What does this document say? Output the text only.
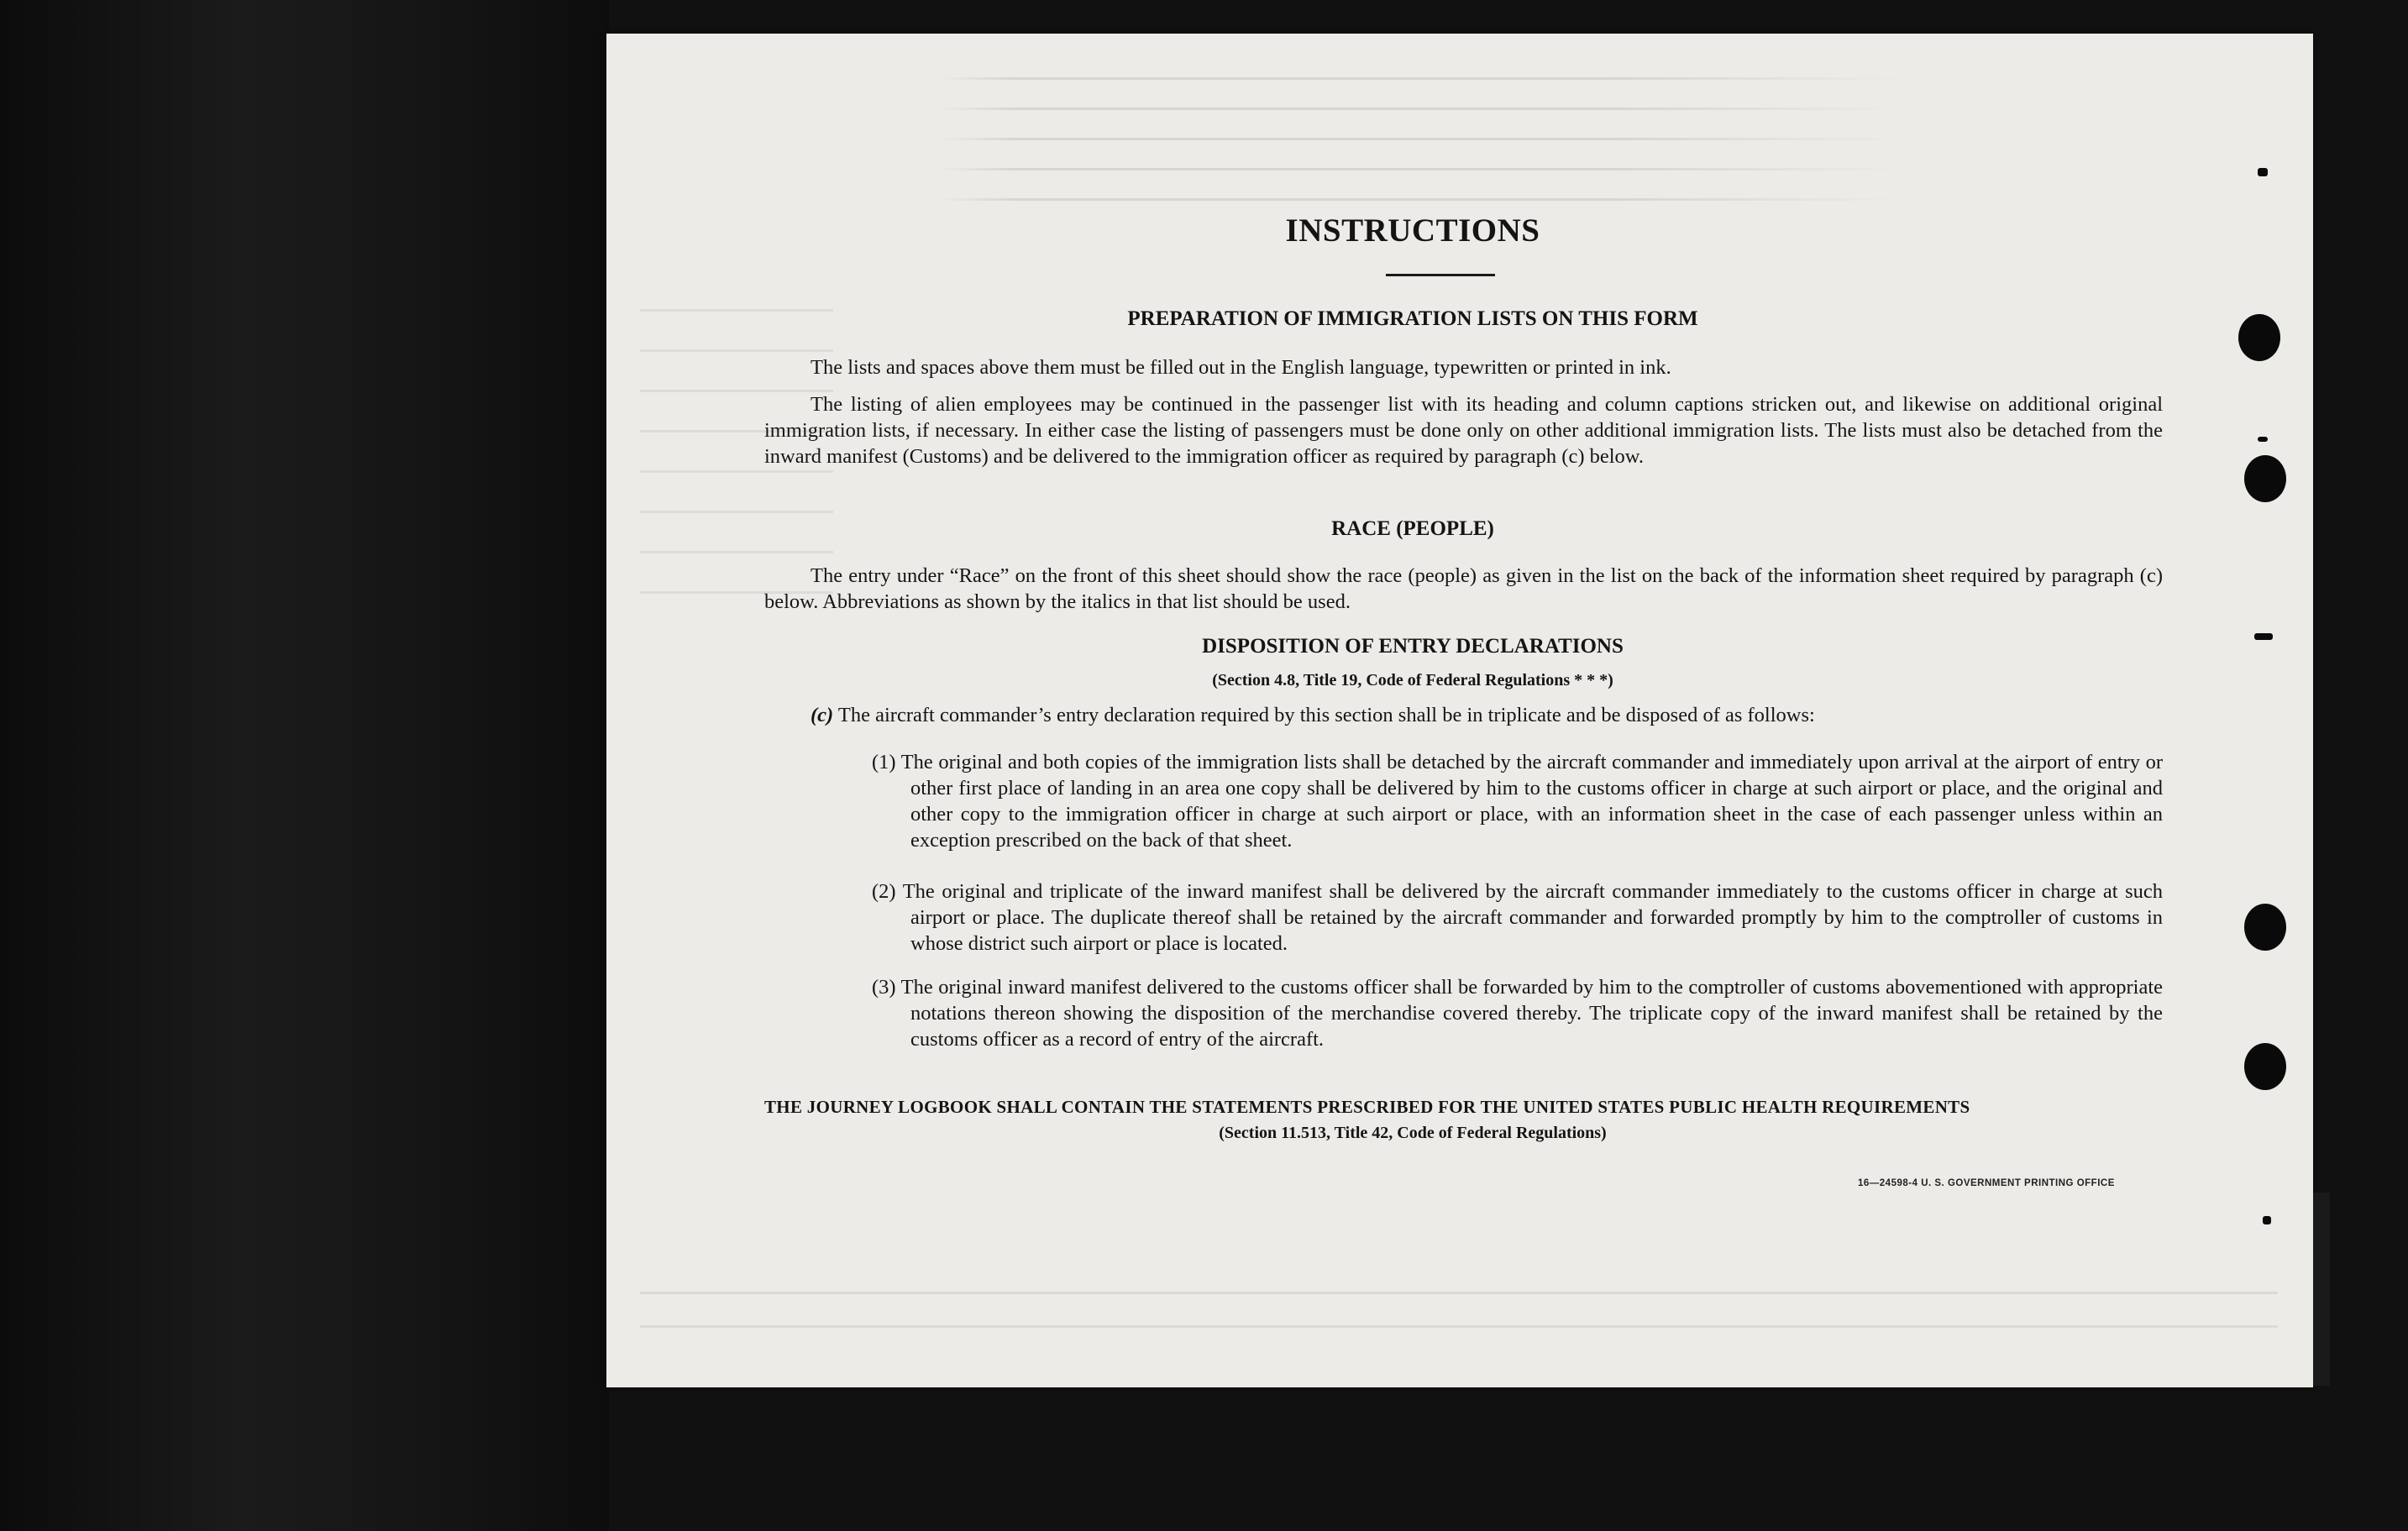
INSTRUCTIONS
PREPARATION OF IMMIGRATION LISTS ON THIS FORM
The lists and spaces above them must be filled out in the English language, typewritten or printed in ink.
The listing of alien employees may be continued in the passenger list with its heading and column captions stricken out, and likewise on additional original immigration lists, if necessary. In either case the listing of passengers must be done only on other additional immigration lists. The lists must also be detached from the inward manifest (Customs) and be delivered to the immigration officer as required by paragraph (c) below.
RACE (PEOPLE)
The entry under “Race” on the front of this sheet should show the race (people) as given in the list on the back of the information sheet required by paragraph (c) below. Abbreviations as shown by the italics in that list should be used.
DISPOSITION OF ENTRY DECLARATIONS
(Section 4.8, Title 19, Code of Federal Regulations * * *)
(c) The aircraft commander’s entry declaration required by this section shall be in triplicate and be disposed of as follows:
(1) The original and both copies of the immigration lists shall be detached by the aircraft commander and immediately upon arrival at the airport of entry or other first place of landing in an area one copy shall be delivered by him to the customs officer in charge at such airport or place, and the original and other copy to the immigration officer in charge at such airport or place, with an information sheet in the case of each passenger unless within an exception prescribed on the back of that sheet.
(2) The original and triplicate of the inward manifest shall be delivered by the aircraft commander immediately to the customs officer in charge at such airport or place. The duplicate thereof shall be retained by the aircraft commander and forwarded promptly by him to the comptroller of customs in whose district such airport or place is located.
(3) The original inward manifest delivered to the customs officer shall be forwarded by him to the comptroller of customs abovementioned with appropriate notations thereon showing the disposition of the merchandise covered thereby. The triplicate copy of the inward manifest shall be retained by the customs officer as a record of entry of the aircraft.
THE JOURNEY LOGBOOK SHALL CONTAIN THE STATEMENTS PRESCRIBED FOR THE UNITED STATES PUBLIC HEALTH REQUIREMENTS
(Section 11.513, Title 42, Code of Federal Regulations)
16—24598-4 U. S. GOVERNMENT PRINTING OFFICE
